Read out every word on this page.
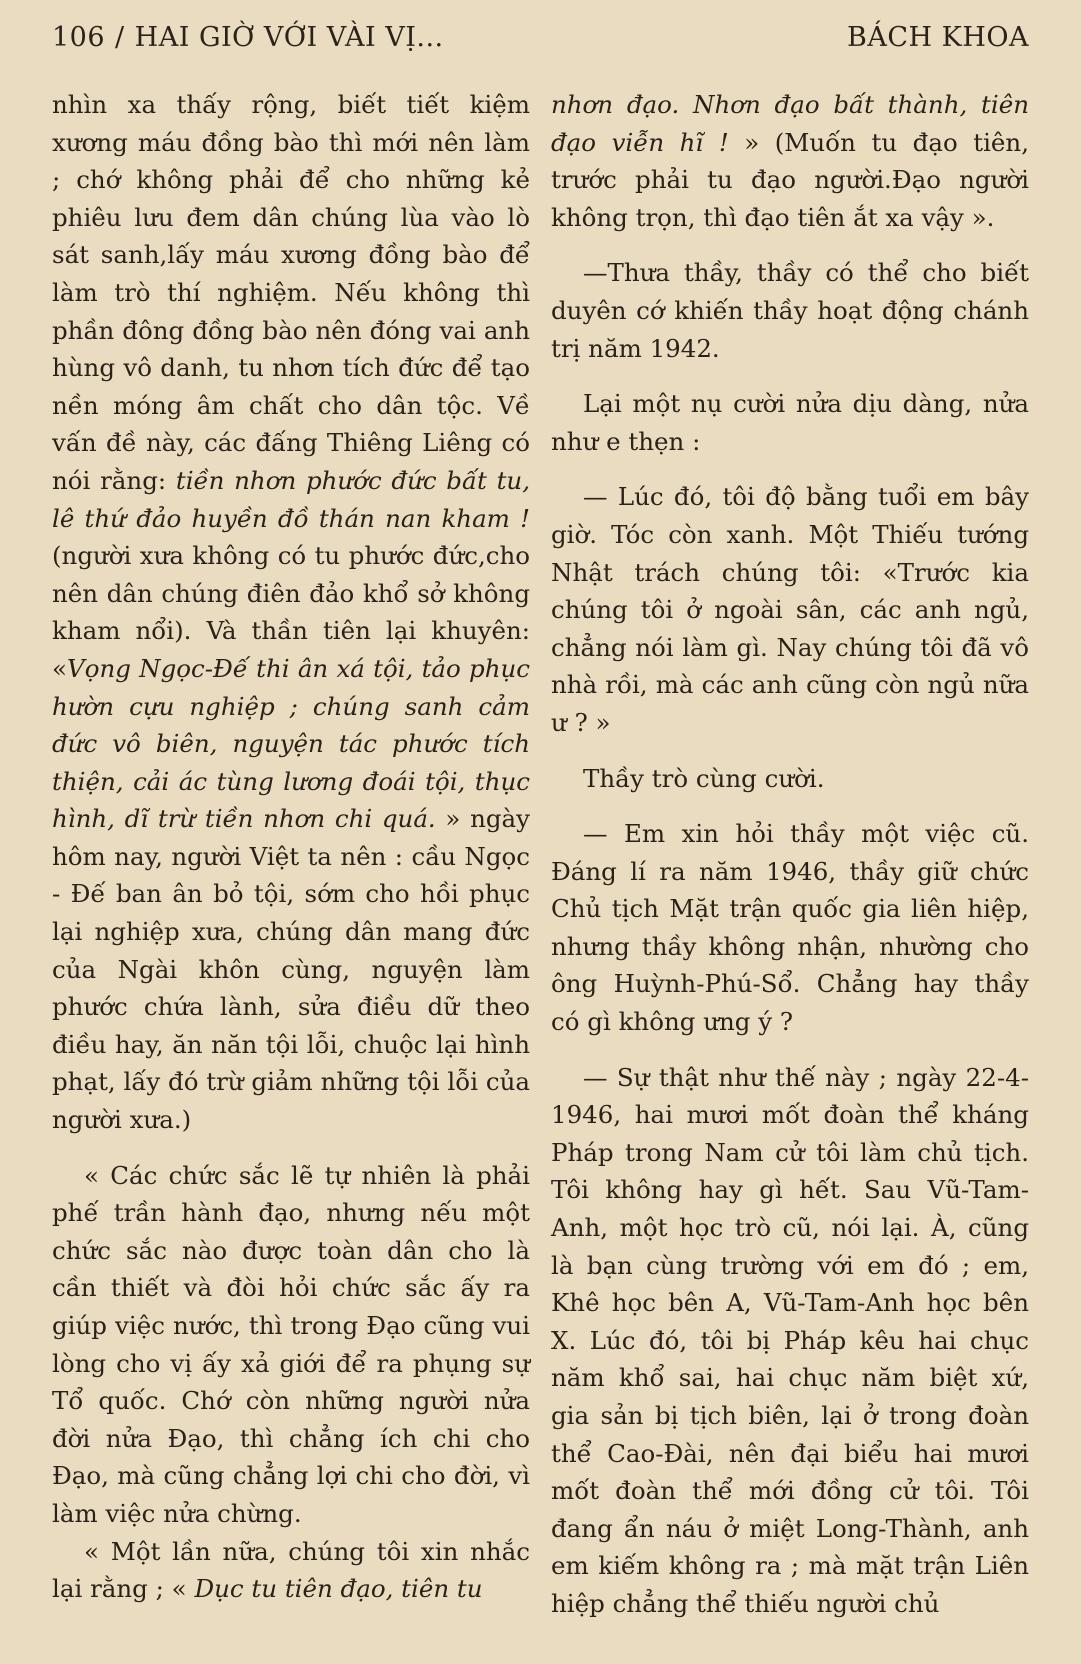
106 / HAI GIỜ VỚI VÀI VỊ...	BÁCH KHOA

nhìn xa thấy rộng, biết tiết kiệm xương máu đồng bào thì mới nên làm ; chớ không phải để cho những kẻ phiêu lưu đem dân chúng lùa vào lò sát sanh,lấy máu xương đồng bào để làm trò thí nghiệm. Nếu không thì phần đông đồng bào nên đóng vai anh hùng vô danh, tu nhơn tích đức để tạo nền móng âm chất cho dân tộc. Về vấn đề này, các đấng Thiêng Liêng có nói rằng: tiền nhơn phước đức bất tu, lê thứ đảo huyền đồ thán nan kham ! (người xưa không có tu phước đức,cho nên dân chúng điên đảo khổ sở không kham nổi). Và thần tiên lại khuyên: «Vọng Ngọc-Đế thi ân xá tội, tảo phục hườn cựu nghiệp ; chúng sanh cảm đức vô biên, nguyện tác phước tích thiện, cải ác tùng lương đoái tội, thục hình, dĩ trừ tiền nhơn chi quá. » ngày hôm nay, người Việt ta nên : cầu Ngọc - Đế ban ân bỏ tội, sớm cho hồi phục lại nghiệp xưa, chúng dân mang đức của Ngài khôn cùng, nguyện làm phước chứa lành, sửa điều dữ theo điều hay, ăn năn tội lỗi, chuộc lại hình phạt, lấy đó trừ giảm những tội lỗi của người xưa.)

« Các chức sắc lẽ tự nhiên là phải phế trần hành đạo, nhưng nếu một chức sắc nào được toàn dân cho là cần thiết và đòi hỏi chức sắc ấy ra giúp việc nước, thì trong Đạo cũng vui lòng cho vị ấy xả giới để ra phụng sự Tổ quốc. Chớ còn những người nửa đời nửa Đạo, thì chẳng ích chi cho Đạo, mà cũng chẳng lợi chi cho đời, vì làm việc nửa chừng.

« Một lần nữa, chúng tôi xin nhắc lại rằng ; « Dục tu tiên đạo, tiên tu

nhơn đạo. Nhơn đạo bất thành, tiên đạo viễn hĩ ! » (Muốn tu đạo tiên, trước phải tu đạo người.Đạo người không trọn, thì đạo tiên ắt xa vậy ».

—Thưa thầy, thầy có thể cho biết duyên cớ khiến thầy hoạt động chánh trị năm 1942.

Lại một nụ cười nửa dịu dàng, nửa như e thẹn :

— Lúc đó, tôi độ bằng tuổi em bây giờ. Tóc còn xanh. Một Thiếu tướng Nhật trách chúng tôi: «Trước kia chúng tôi ở ngoài sân, các anh ngủ, chẳng nói làm gì. Nay chúng tôi đã vô nhà rồi, mà các anh cũng còn ngủ nữa ư ? »

Thầy trò cùng cười.

— Em xin hỏi thầy một việc cũ. Đáng lí ra năm 1946, thầy giữ chức Chủ tịch Mặt trận quốc gia liên hiệp, nhưng thầy không nhận, nhường cho ông Huỳnh-Phú-Sổ. Chẳng hay thầy có gì không ưng ý ?

— Sự thật như thế này ; ngày 22-4-1946, hai mươi mốt đoàn thể kháng Pháp trong Nam cử tôi làm chủ tịch. Tôi không hay gì hết. Sau Vũ-Tam-Anh, một học trò cũ, nói lại. À, cũng là bạn cùng trường với em đó ; em, Khê học bên A, Vũ-Tam-Anh học bên X. Lúc đó, tôi bị Pháp kêu hai chục năm khổ sai, hai chục năm biệt xứ, gia sản bị tịch biên, lại ở trong đoàn thể Cao-Đài, nên đại biểu hai mươi mốt đoàn thể mới đồng cử tôi. Tôi đang ẩn náu ở miệt Long-Thành, anh em kiếm không ra ; mà mặt trận Liên hiệp chẳng thể thiếu người chủ
